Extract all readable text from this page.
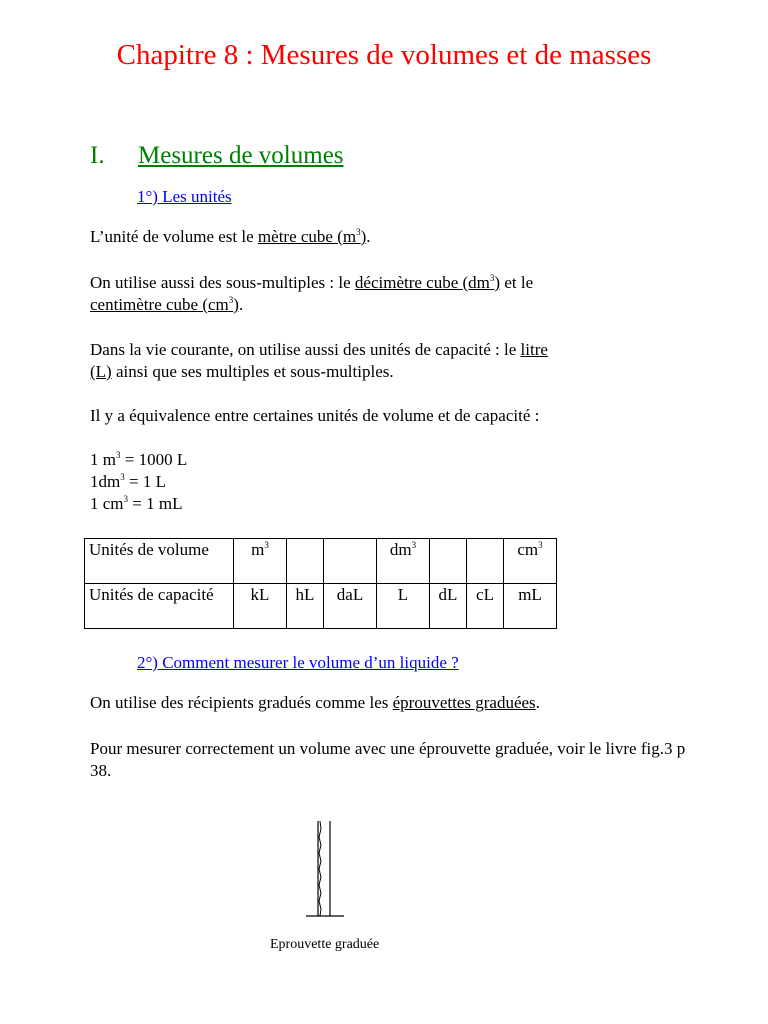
Chapitre 8 : Mesures de volumes et de masses
I. Mesures de volumes
1°) Les unités
L’unité de volume est le mètre cube $(m^3)$.
On utilise aussi des sous-multiples : le décimètre cube $(dm^3)$ et le
centimètre cube $(cm^3)$.
Dans la vie courante, on utilise aussi des unités de capacité : le litre
(L) ainsi que ses multiples et sous-multiples.
Il y a équivalence entre certaines unités de volume et de capacité :
1 $m^3 = 1000$ L
$1dm^3 = 1$ L
1 $cm^3 = 1$ mL
Unités de volume	$m^3$			$dm^3$			$cm^3$
Unités de capacité	kL	hL	daL	L	dL	cL	mL
2°) Comment mesurer le volume d’un liquide ?
On utilise des récipients gradués comme les éprouvettes graduées.
Pour mesurer correctement un volume avec une éprouvette graduée, voir le livre fig.3 p 38.
Eprouvette graduée
